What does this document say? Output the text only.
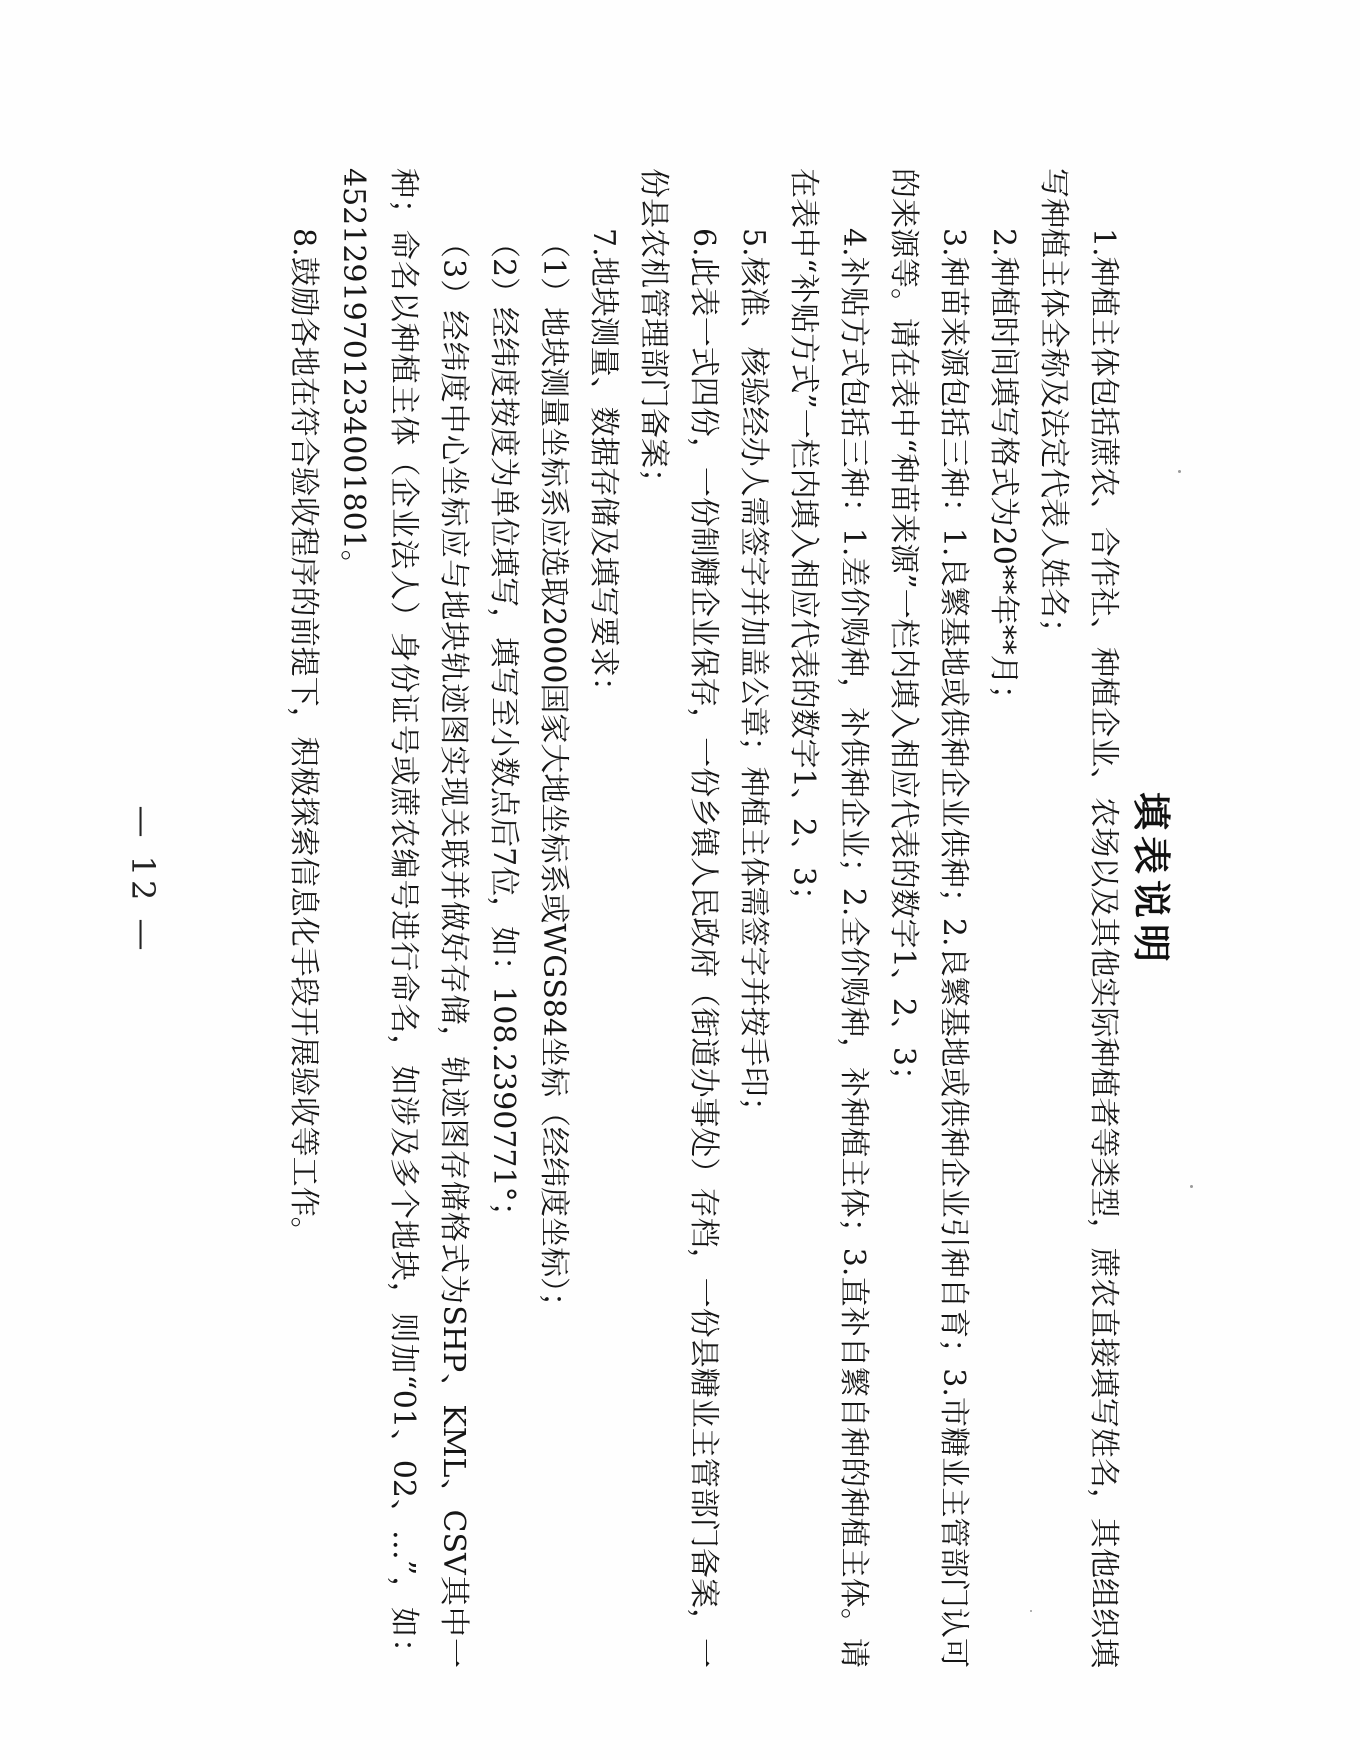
填表说明

1.种植主体包括蔗农、合作社、种植企业、农场以及其他实际种植者等类型，蔗农直接填写姓名，其他组织填写种植主体全称及法定代表人姓名；

2.种植时间填写格式为20**年**月；

3.种苗来源包括三种：1.良繁基地或供种企业供种；2.良繁基地或供种企业引种自育；3.市糖业主管部门认可的来源等。请在表中“种苗来源”一栏内填入相应代表的数字1、2、3；

4.补贴方式包括三种：1.差价购种，补供种企业；2.全价购种，补种植主体；3.直补自繁自种的种植主体。请在表中“补贴方式”一栏内填入相应代表的数字1、2、3；

5.核准、核验经办人需签字并加盖公章；种植主体需签字并按手印；

6.此表一式四份，一份制糖企业保存，一份乡镇人民政府（街道办事处）存档，一份县糖业主管部门备案，一份县农机管理部门备案；

7.地块测量、数据存储及填写要求：

（1）地块测量坐标系应选取2000国家大地坐标系或WGS84坐标（经纬度坐标）；

（2）经纬度按度为单位填写，填写至小数点后7位，如：108.2390771°；

（3）经纬度中心坐标应与地块轨迹图实现关联并做好存储，轨迹图存储格式为SHP、KML、CSV其中一种；命名以种植主体（企业法人）身份证号或蔗农编号进行命名，如涉及多个地块，则加“01、02、…”，如：45212919701234001801。

8.鼓励各地在符合验收程序的前提下，积极探索信息化手段开展验收等工作。

— 12 —
